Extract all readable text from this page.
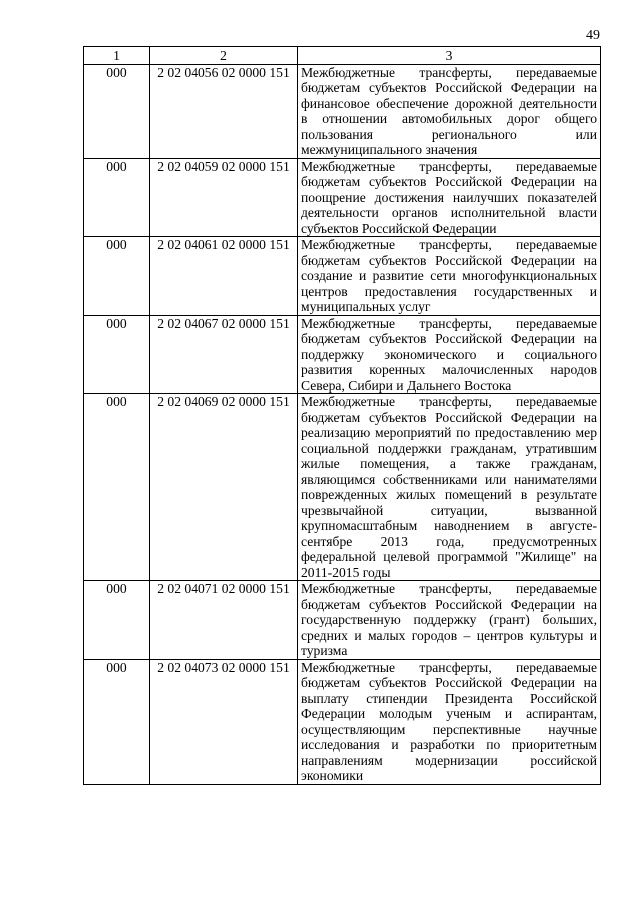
49
1	2	3
000	2 02 04056 02 0000 151	Межбюджетные трансферты, передаваемые бюджетам субъектов Российской Федерации на финансовое обеспечение дорожной деятельности в отношении автомобильных дорог общего пользования регионального или межмуниципального значения
000	2 02 04059 02 0000 151	Межбюджетные трансферты, передаваемые бюджетам субъектов Российской Федерации на поощрение достижения наилучших показателей деятельности органов исполнительной власти субъектов Российской Федерации
000	2 02 04061 02 0000 151	Межбюджетные трансферты, передаваемые бюджетам субъектов Российской Федерации на создание и развитие сети многофункциональных центров предоставления государственных и муниципальных услуг
000	2 02 04067 02 0000 151	Межбюджетные трансферты, передаваемые бюджетам субъектов Российской Федерации на поддержку экономического и социального развития коренных малочисленных народов Севера, Сибири и Дальнего Востока
000	2 02 04069 02 0000 151	Межбюджетные трансферты, передаваемые бюджетам субъектов Российской Федерации на реализацию мероприятий по предоставлению мер социальной поддержки гражданам, утратившим жилые помещения, а также гражданам, являющимся собственниками или нанимателями поврежденных жилых помещений в результате чрезвычайной ситуации, вызванной крупномасштабным наводнением в августе-сентябре 2013 года, предусмотренных федеральной целевой программой "Жилище" на 2011-2015 годы
000	2 02 04071 02 0000 151	Межбюджетные трансферты, передаваемые бюджетам субъектов Российской Федерации на государственную поддержку (грант) больших, средних и малых городов – центров культуры и туризма
000	2 02 04073 02 0000 151	Межбюджетные трансферты, передаваемые бюджетам субъектов Российской Федерации на выплату стипендии Президента Российской Федерации молодым ученым и аспирантам, осуществляющим перспективные научные исследования и разработки по приоритетным направлениям модернизации российской экономики
